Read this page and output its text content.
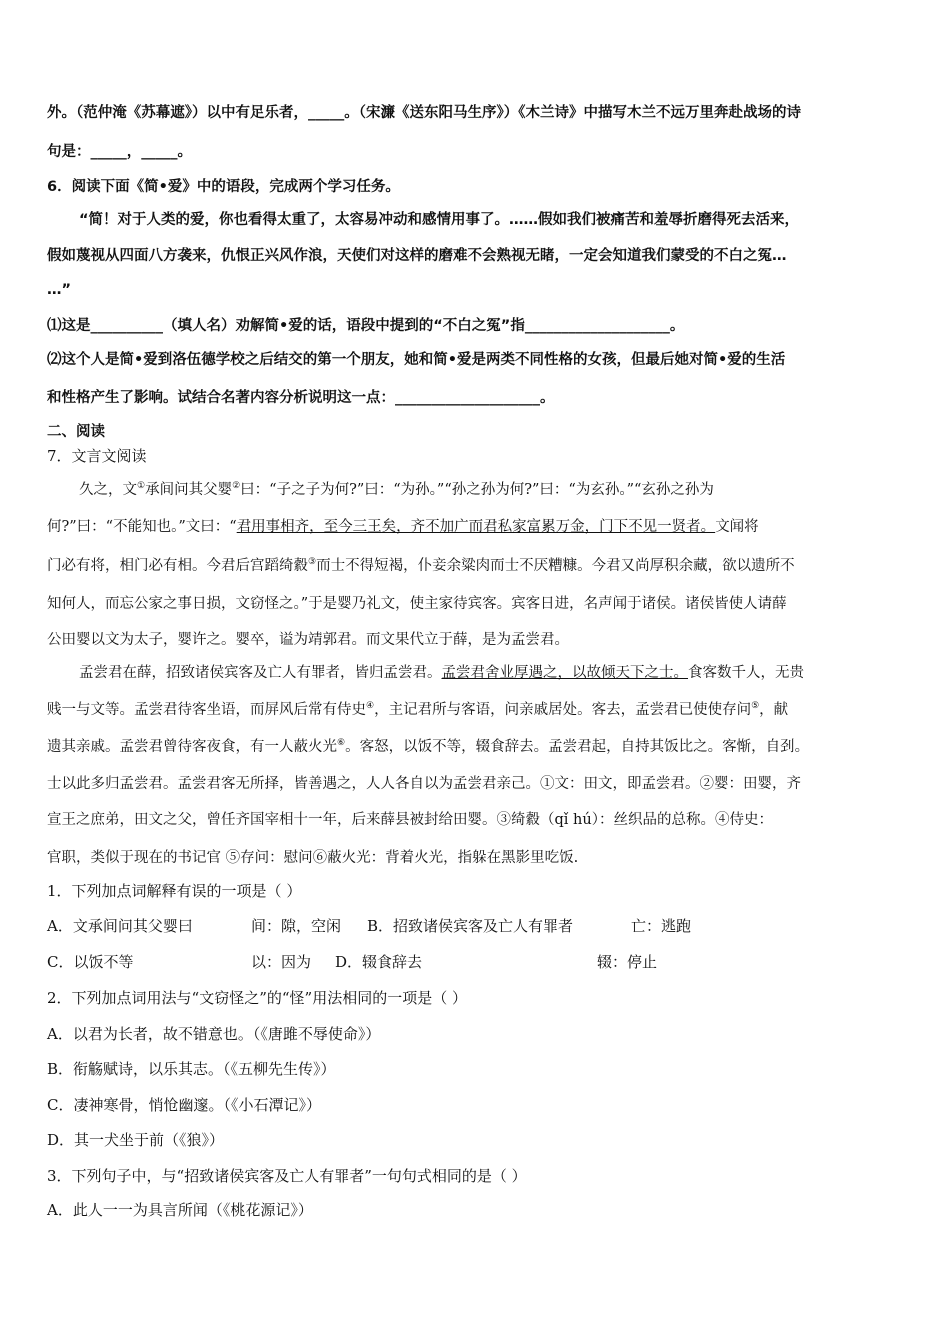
外。（范仲淹《苏幕遮》）以中有足乐者，_____。（宋濂《送东阳马生序》）《木兰诗》中描写木兰不远万里奔赴战场的诗
句是：_____，_____。
6．阅读下面《简•爱》中的语段，完成两个学习任务。
“简！对于人类的爱，你也看得太重了，太容易冲动和感情用事了。……假如我们被痛苦和羞辱折磨得死去活来，
假如蔑视从四面八方袭来，仇恨正兴风作浪，天使们对这样的磨难不会熟视无睹，一定会知道我们蒙受的不白之冤…
…”
⑴这是__________（填人名）劝解简•爱的话，语段中提到的“不白之冤”指____________________。
⑵这个人是简•爱到洛伍德学校之后结交的第一个朋友，她和简•爱是两类不同性格的女孩，但最后她对简•爱的生活
和性格产生了影响。试结合名著内容分析说明这一点：____________________。
二、阅读
7．文言文阅读
久之，文①承间问其父婴②曰：“子之子为何?”曰：“为孙。”“孙之孙为何?”曰：“为玄孙。”“玄孙之孙为
何?”曰：“不能知也。”文曰：“君用事相齐，至今三王矣，齐不加广而君私家富累万金，门下不见一贤者。文闻将
门必有将，相门必有相。今君后宫蹈绮縠③而士不得短褐，仆妾余粱肉而士不厌糟糠。今君又尚厚积余藏，欲以遗所不
知何人，而忘公家之事日损，文窃怪之。”于是婴乃礼文，使主家待宾客。宾客日进，名声闻于诸侯。诸侯皆使人请薛
公田婴以文为太子，婴许之。婴卒，谥为靖郭君。而文果代立于薛，是为孟尝君。
孟尝君在薛，招致诸侯宾客及亡人有罪者，皆归孟尝君。孟尝君舍业厚遇之，以故倾天下之士。食客数千人，无贵
贱一与文等。孟尝君待客坐语，而屏风后常有侍史④，主记君所与客语，问亲戚居处。客去，孟尝君已使使存问⑤，献
遗其亲戚。孟尝君曾待客夜食，有一人蔽火光⑥。客怒，以饭不等，辍食辞去。孟尝君起，自持其饭比之。客惭，自刭。
士以此多归孟尝君。孟尝君客无所择，皆善遇之，人人各自以为孟尝君亲己。①文：田文，即孟尝君。②婴：田婴，齐
宣王之庶弟，田文之父，曾任齐国宰相十一年，后来薛县被封给田婴。③绮縠（qǐ hú）：丝织品的总称。④侍史：
官职，类似于现在的书记官 ⑤存问：慰问⑥蔽火光：背着火光，指躲在黑影里吃饭.
1．下列加点词解释有误的一项是（ ）
A．文承间问其父婴曰	间：隙，空闲 B．招致诸侯宾客及亡人有罪者	亡：逃跑
C．以饭不等	以：因为 D．辍食辞去	辍：停止
2．下列加点词用法与“文窃怪之”的“怪”用法相同的一项是（ ）
A．以君为长者，故不错意也。（《唐雎不辱使命》）
B．衔觞赋诗，以乐其志。（《五柳先生传》）
C．凄神寒骨，悄怆幽邃。（《小石潭记》）
D．其一犬坐于前（《狼》）
3．下列句子中，与“招致诸侯宾客及亡人有罪者”一句句式相同的是（ ）
A．此人一一为具言所闻（《桃花源记》）
